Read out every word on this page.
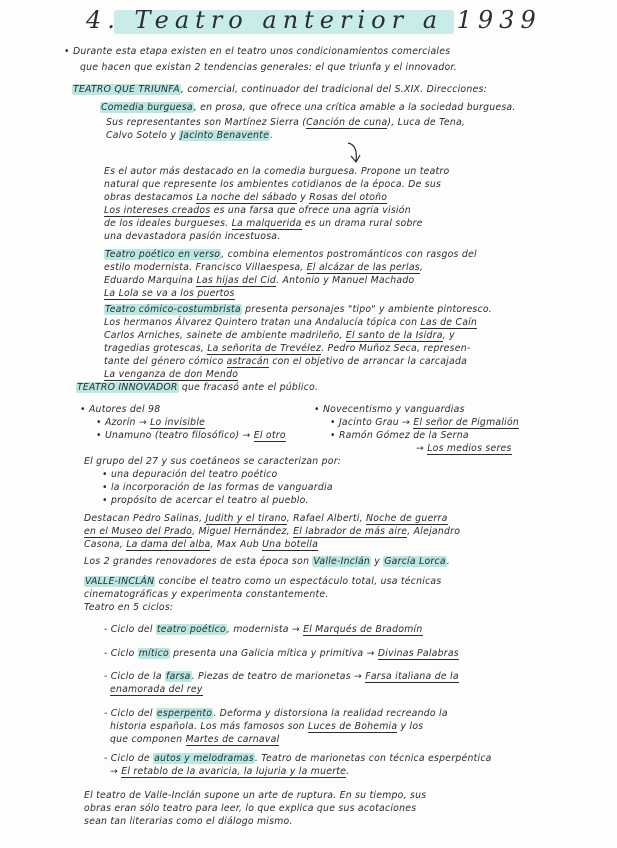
4. Teatro anterior a 1939
• Durante esta etapa existen en el teatro unos condicionamientos comerciales
que hacen que existan 2 tendencias generales: el que triunfa y el innovador.
TEATRO QUE TRIUNFA, comercial, continuador del tradicional del S.XIX. Direcciones:
Comedia burguesa, en prosa, que ofrece una crítica amable a la sociedad burguesa.
Sus representantes son Martínez Sierra (Canción de cuna), Luca de Tena,
Calvo Sotelo y Jacinto Benavente.
Es el autor más destacado en la comedia burguesa. Propone un teatro
natural que represente los ambientes cotidianos de la época. De sus
obras destacamos La noche del sábado y Rosas del otoño
Los intereses creados es una farsa que ofrece una agria visión
de los ideales burgueses. La malquerida es un drama rural sobre
una devastadora pasión incestuosa.
Teatro poético en verso, combina elementos postrománticos con rasgos del
estilo modernista. Francisco Villaespesa, El alcázar de las perlas,
Eduardo Marquina Las hijas del Cid. Antonio y Manuel Machado
La Lola se va a los puertos
Teatro cómico-costumbrista presenta personajes "tipo" y ambiente pintoresco.
Los hermanos Álvarez Quintero tratan una Andalucía tópica con Las de Caín
Carlos Arniches, sainete de ambiente madrileño, El santo de la Isidra, y
tragedias grotescas, La señorita de Trevélez. Pedro Muñoz Seca, represen-
tante del género cómico astracán con el objetivo de arrancar la carcajada
La venganza de don Mendo
TEATRO INNOVADOR que fracasó ante el público.
• Autores del 98
• Azorín → Lo invisible
• Unamuno (teatro filosófico) → El otro
• Novecentismo y vanguardias
• Jacinto Grau → El señor de Pigmalión
• Ramón Gómez de la Serna
→ Los medios seres
El grupo del 27 y sus coetáneos se caracterizan por:
• una depuración del teatro poético
• la incorporación de las formas de vanguardia
• propósito de acercar el teatro al pueblo.
Destacan Pedro Salinas, Judith y el tirano, Rafael Alberti, Noche de guerra
en el Museo del Prado, Miguel Hernández, El labrador de más aire, Alejandro
Casona, La dama del alba, Max Aub Una botella
Los 2 grandes renovadores de esta época son Valle-Inclán y García Lorca.
VALLE-INCLÁN concibe el teatro como un espectáculo total, usa técnicas
cinematográficas y experimenta constantemente.
Teatro en 5 ciclos:
- Ciclo del teatro poético, modernista → El Marqués de Bradomín
- Ciclo mítico presenta una Galicia mítica y primitiva → Divinas Palabras
- Ciclo de la farsa. Piezas de teatro de marionetas → Farsa italiana de la
enamorada del rey
- Ciclo del esperpento. Deforma y distorsiona la realidad recreando la
historia española. Los más famosos son Luces de Bohemia y los
que componen Martes de carnaval
- Ciclo de autos y melodramas. Teatro de marionetas con técnica esperpéntica
→ El retablo de la avaricia, la lujuria y la muerte.
El teatro de Valle-Inclán supone un arte de ruptura. En su tiempo, sus
obras eran sólo teatro para leer, lo que explica que sus acotaciones
sean tan literarias como el diálogo mismo.
